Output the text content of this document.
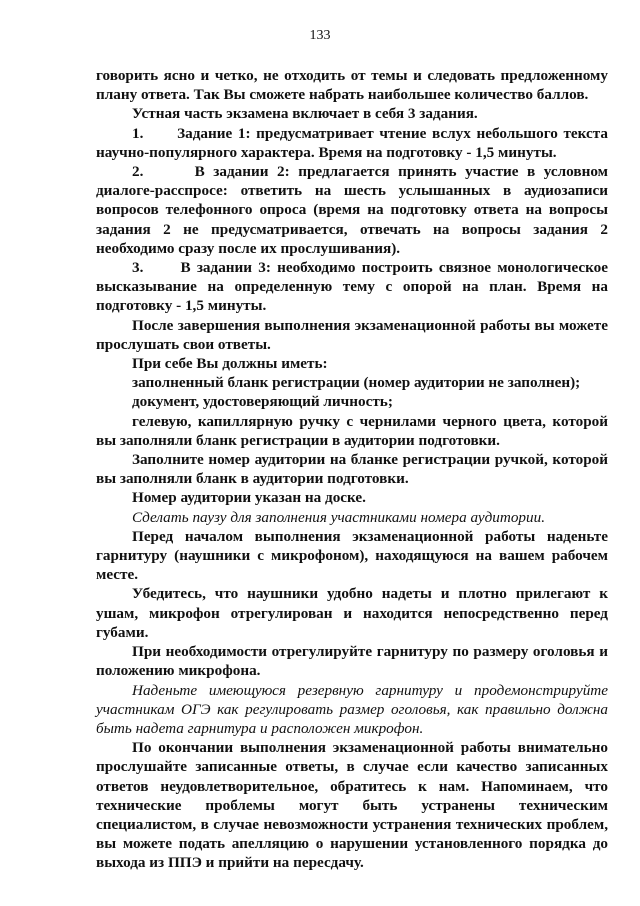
133

говорить ясно и четко, не отходить от темы и следовать предложенному плану ответа. Так Вы сможете набрать наибольшее количество баллов.

Устная часть экзамена включает в себя 3 задания.

1.      Задание 1: предусматривает чтение вслух небольшого текста научно-популярного характера. Время на подготовку - 1,5 минуты.

2.      В задании 2: предлагается принять участие в условном диалоге-расспросе: ответить на шесть услышанных в аудиозаписи вопросов телефонного опроса (время на подготовку ответа на вопросы задания 2 не предусматривается, отвечать на вопросы задания 2 необходимо сразу после их прослушивания).

3.      В задании 3: необходимо построить связное монологическое высказывание на определенную тему с опорой на план. Время на подготовку - 1,5 минуты.

После завершения выполнения экзаменационной работы вы можете прослушать свои ответы.

При себе Вы должны иметь:

заполненный бланк регистрации (номер аудитории не заполнен);

документ, удостоверяющий личность;

гелевую, капиллярную ручку с чернилами черного цвета, которой вы заполняли бланк регистрации в аудитории подготовки.

Заполните номер аудитории на бланке регистрации ручкой, которой вы заполняли бланк в аудитории подготовки.

Номер аудитории указан на доске.

Сделать паузу для заполнения участниками номера аудитории.

Перед началом выполнения экзаменационной работы наденьте гарнитуру (наушники с микрофоном), находящуюся на вашем рабочем месте.

Убедитесь, что наушники удобно надеты и плотно прилегают к ушам, микрофон отрегулирован и находится непосредственно перед губами.

При необходимости отрегулируйте гарнитуру по размеру оголовья и положению микрофона.

Наденьте имеющуюся резервную гарнитуру и продемонстрируйте участникам ОГЭ как регулировать размер оголовья, как правильно должна быть надета гарнитура и расположен микрофон.

По окончании выполнения экзаменационной работы внимательно прослушайте записанные ответы, в случае если качество записанных ответов неудовлетворительное, обратитесь к нам. Напоминаем, что технические проблемы могут быть устранены техническим специалистом, в случае невозможности устранения технических проблем, вы можете подать апелляцию о нарушении установленного порядка до выхода из ППЭ и прийти на пересдачу.
